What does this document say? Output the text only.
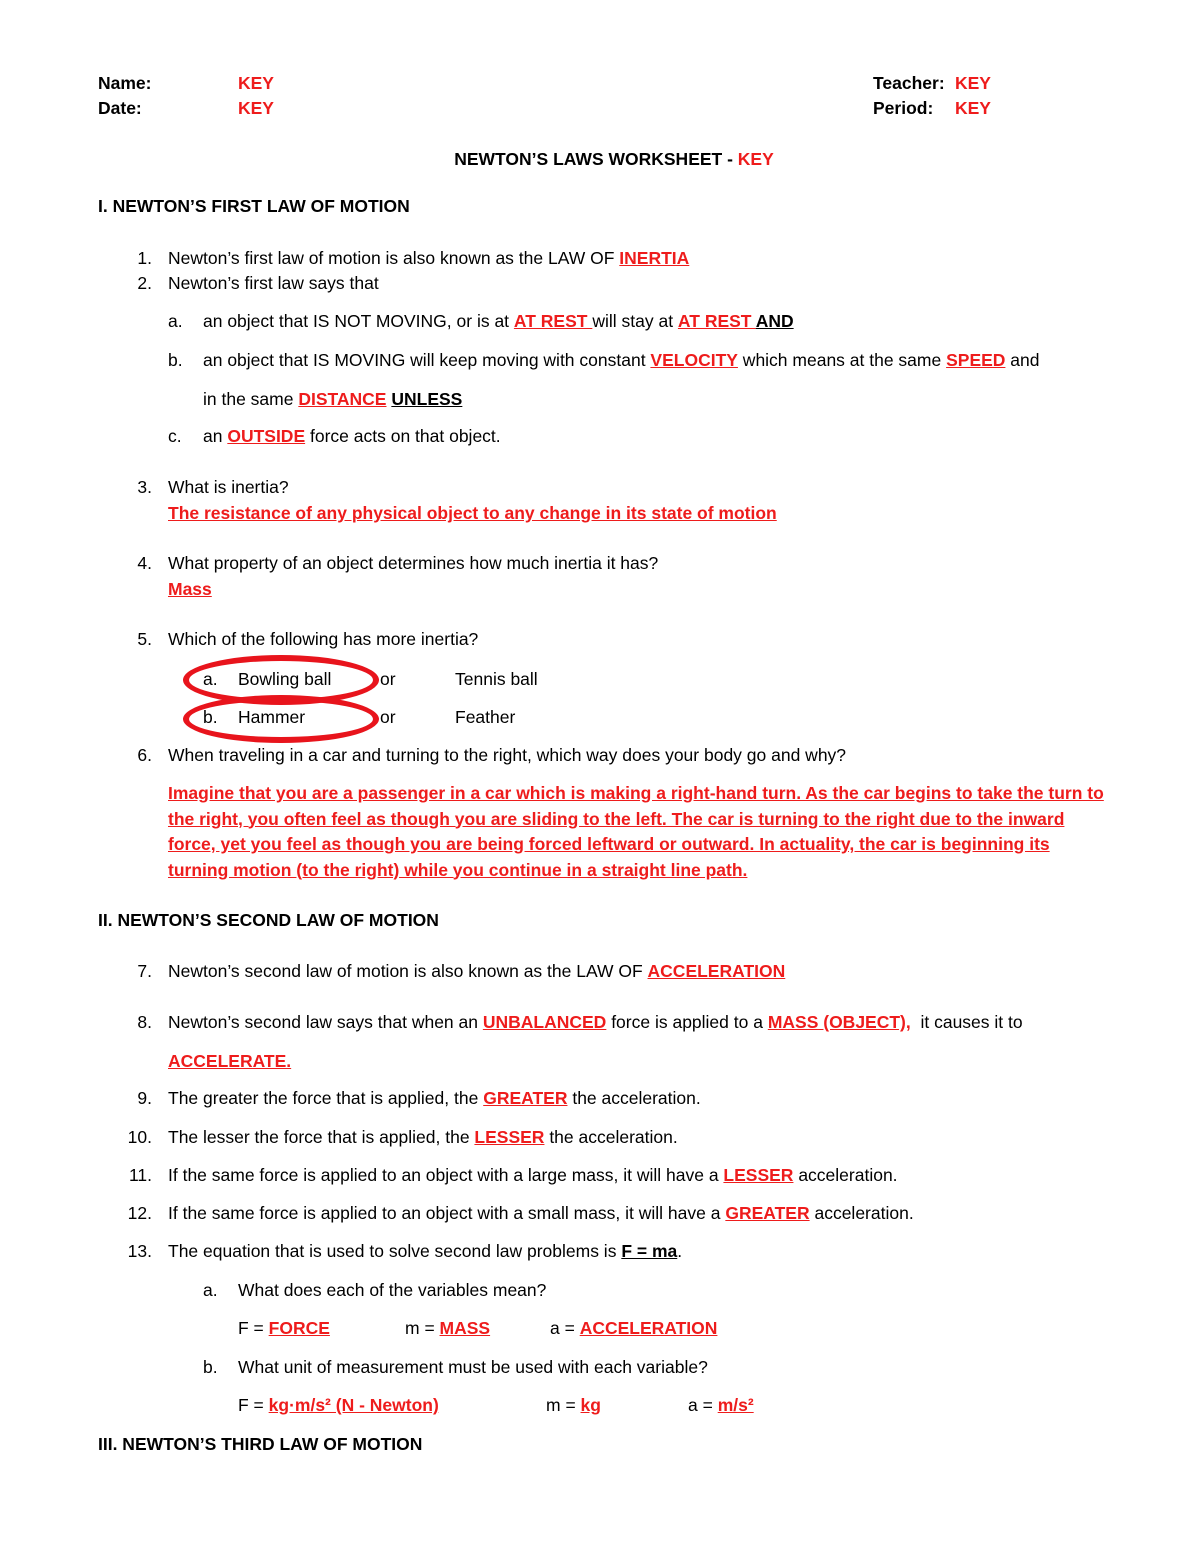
Name:	KEY
Date:	KEY
Teacher: KEY
Period: KEY
NEWTON’S LAWS WORKSHEET - KEY
I. NEWTON’S FIRST LAW OF MOTION
1. Newton’s first law of motion is also known as the LAW OF INERTIA
2. Newton’s first law says that
a. an object that IS NOT MOVING, or is at AT REST will stay at AT REST AND
b. an object that IS MOVING will keep moving with constant VELOCITY which means at the same SPEED and
in the same DISTANCE UNLESS
c. an OUTSIDE force acts on that object.
3. What is inertia?
The resistance of any physical object to any change in its state of motion
4. What property of an object determines how much inertia it has?
Mass
5. Which of the following has more inertia?
a. Bowling ball	or	Tennis ball
b. Hammer	or	Feather
6. When traveling in a car and turning to the right, which way does your body go and why?
Imagine that you are a passenger in a car which is making a right-hand turn. As the car begins to take the turn to the right, you often feel as though you are sliding to the left. The car is turning to the right due to the inward force, yet you feel as though you are being forced leftward or outward. In actuality, the car is beginning its turning motion (to the right) while you continue in a straight line path.
II. NEWTON’S SECOND LAW OF MOTION
7. Newton’s second law of motion is also known as the LAW OF ACCELERATION
8. Newton’s second law says that when an UNBALANCED force is applied to a MASS (OBJECT),  it causes it to
ACCELERATE.
9. The greater the force that is applied, the GREATER the acceleration.
10. The lesser the force that is applied, the LESSER the acceleration.
11. If the same force is applied to an object with a large mass, it will have a LESSER acceleration.
12. If the same force is applied to an object with a small mass, it will have a GREATER acceleration.
13. The equation that is used to solve second law problems is F = ma.
a. What does each of the variables mean?
F = FORCE	m = MASS	a = ACCELERATION
b. What unit of measurement must be used with each variable?
F = kg·m/s² (N - Newton)	m = kg	a = m/s²
III. NEWTON’S THIRD LAW OF MOTION
